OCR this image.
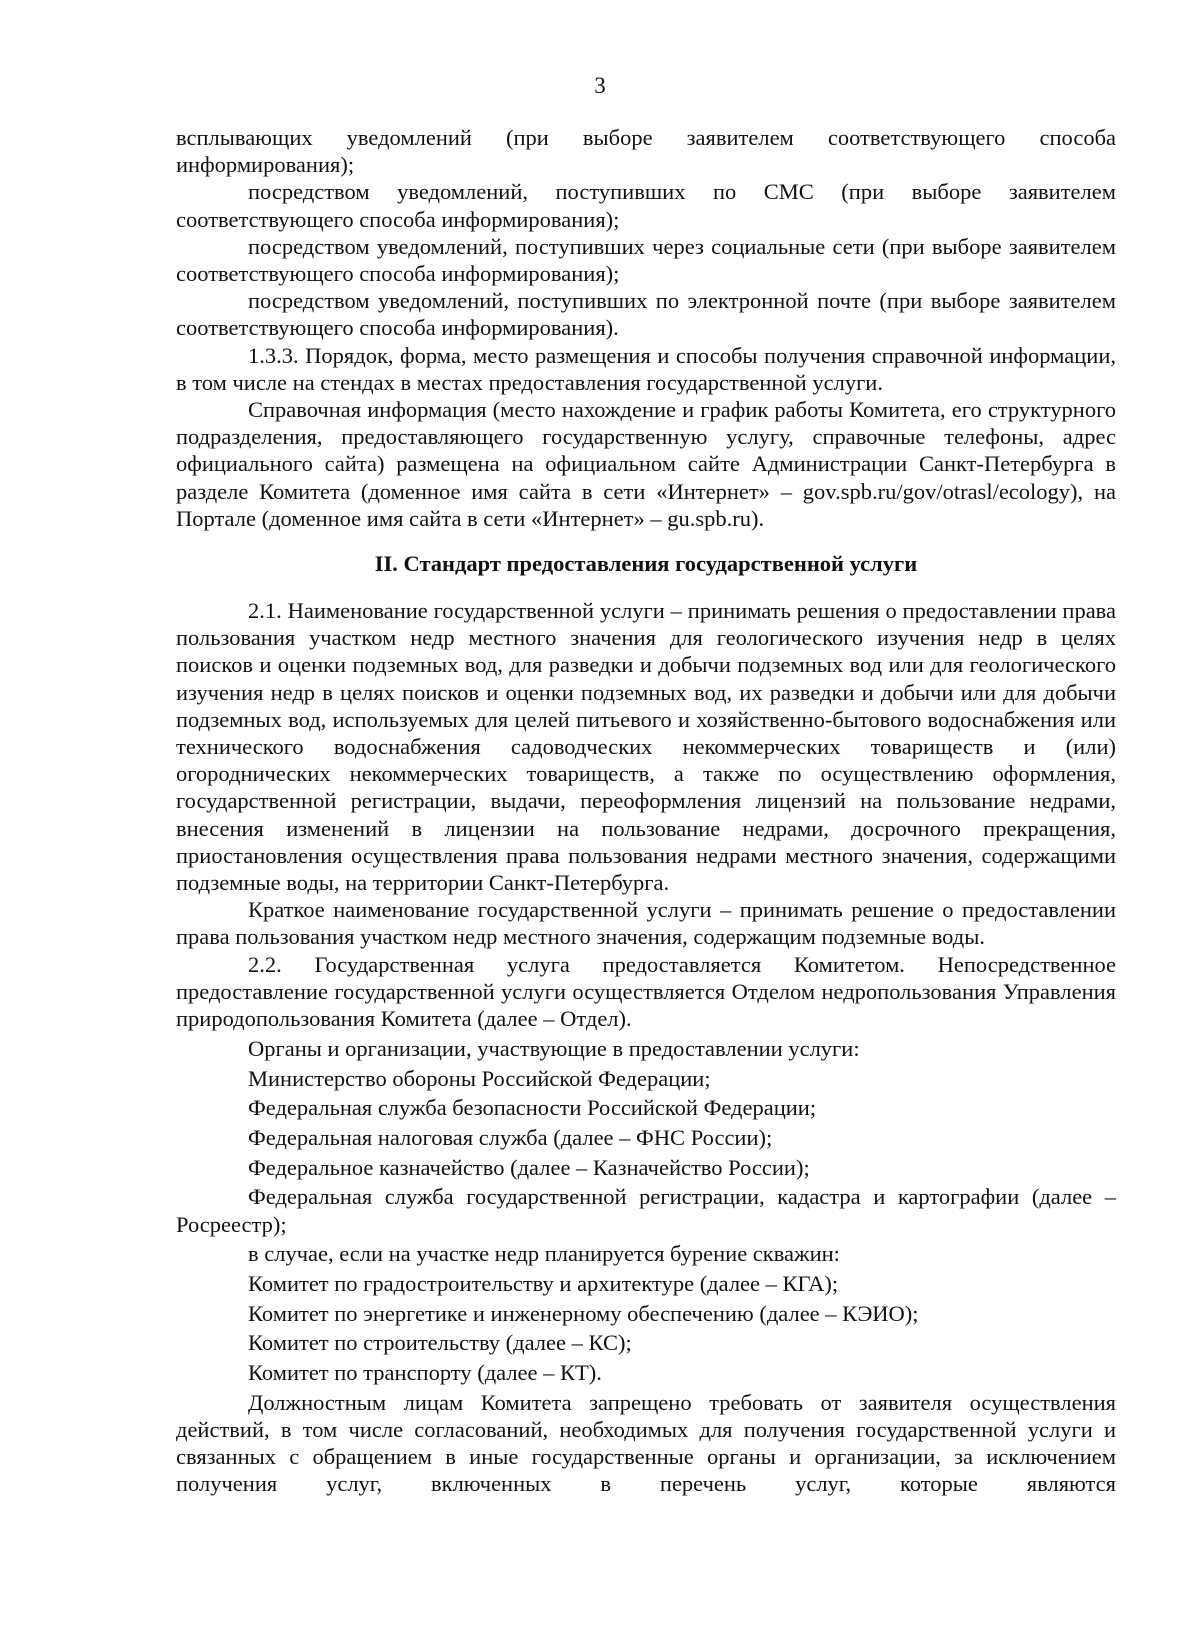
3

всплывающих уведомлений (при выборе заявителем соответствующего способа информирования);

посредством уведомлений, поступивших по СМС (при выборе заявителем соответствующего способа информирования);

посредством уведомлений, поступивших через социальные сети (при выборе заявителем соответствующего способа информирования);

посредством уведомлений, поступивших по электронной почте (при выборе заявителем соответствующего способа информирования).

1.3.3. Порядок, форма, место размещения и способы получения справочной информации, в том числе на стендах в местах предоставления государственной услуги.

Справочная информация (место нахождение и график работы Комитета, его структурного подразделения, предоставляющего государственную услугу, справочные телефоны, адрес официального сайта) размещена на официальном сайте Администрации Санкт-Петербурга в разделе Комитета (доменное имя сайта в сети «Интернет» – gov.spb.ru/gov/otrasl/ecology), на Портале (доменное имя сайта в сети «Интернет» – gu.spb.ru).

II. Стандарт предоставления государственной услуги

2.1. Наименование государственной услуги – принимать решения о предоставлении права пользования участком недр местного значения для геологического изучения недр в целях поисков и оценки подземных вод, для разведки и добычи подземных вод или для геологического изучения недр в целях поисков и оценки подземных вод, их разведки и добычи или для добычи подземных вод, используемых для целей питьевого и хозяйственно-бытового водоснабжения или технического водоснабжения садоводческих некоммерческих товариществ и (или) огороднических некоммерческих товариществ, а также по осуществлению оформления, государственной регистрации, выдачи, переоформления лицензий на пользование недрами, внесения изменений в лицензии на пользование недрами, досрочного прекращения, приостановления осуществления права пользования недрами местного значения, содержащими подземные воды, на территории Санкт-Петербурга.

Краткое наименование государственной услуги – принимать решение о предоставлении права пользования участком недр местного значения, содержащим подземные воды.

2.2. Государственная услуга предоставляется Комитетом. Непосредственное предоставление государственной услуги осуществляется Отделом недропользования Управления природопользования Комитета (далее – Отдел).

Органы и организации, участвующие в предоставлении услуги:

Министерство обороны Российской Федерации;

Федеральная служба безопасности Российской Федерации;

Федеральная налоговая служба (далее – ФНС России);

Федеральное казначейство (далее – Казначейство России);

Федеральная служба государственной регистрации, кадастра и картографии (далее – Росреестр);

в случае, если на участке недр планируется бурение скважин:

Комитет по градостроительству и архитектуре (далее – КГА);

Комитет по энергетике и инженерному обеспечению (далее – КЭИО);

Комитет по строительству (далее – КС);

Комитет по транспорту (далее – КТ).

Должностным лицам Комитета запрещено требовать от заявителя осуществления действий, в том числе согласований, необходимых для получения государственной услуги и связанных с обращением в иные государственные органы и организации, за исключением получения услуг, включенных в перечень услуг, которые являются
